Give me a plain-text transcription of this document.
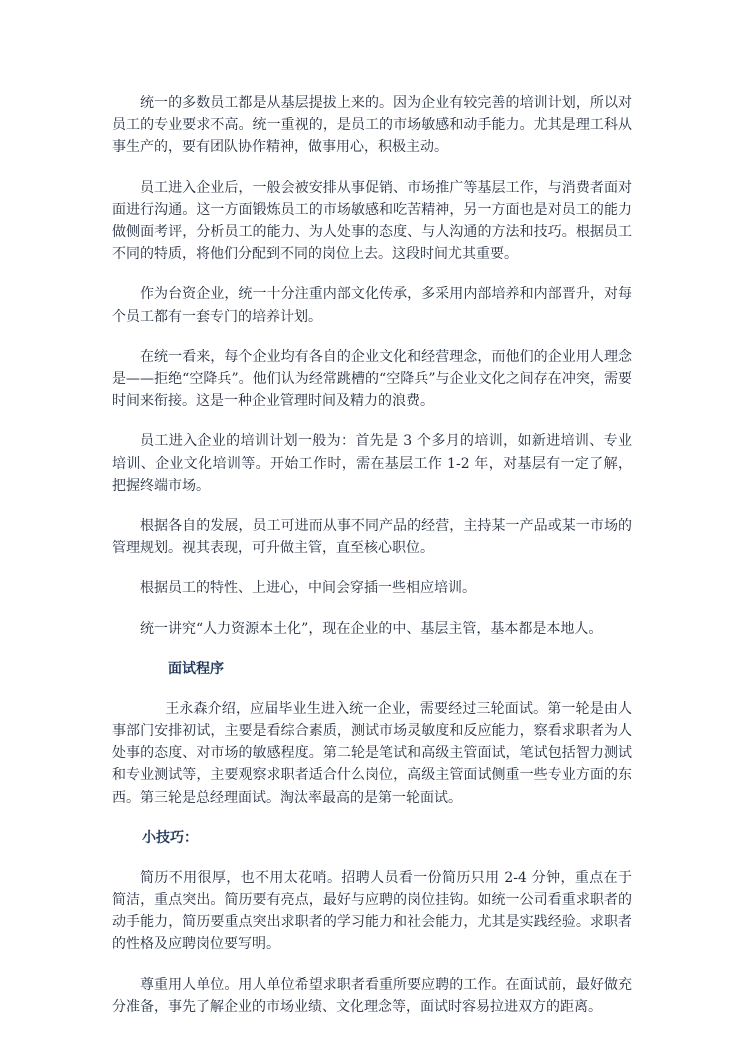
统一的多数员工都是从基层提拔上来的。因为企业有较完善的培训计划，所以对员工的专业要求不高。统一重视的，是员工的市场敏感和动手能力。尤其是理工科从事生产的，要有团队协作精神，做事用心，积极主动。

员工进入企业后，一般会被安排从事促销、市场推广等基层工作，与消费者面对面进行沟通。这一方面锻炼员工的市场敏感和吃苦精神，另一方面也是对员工的能力做侧面考评，分析员工的能力、为人处事的态度、与人沟通的方法和技巧。根据员工不同的特质，将他们分配到不同的岗位上去。这段时间尤其重要。

作为台资企业，统一十分注重内部文化传承，多采用内部培养和内部晋升，对每个员工都有一套专门的培养计划。

在统一看来，每个企业均有各自的企业文化和经营理念，而他们的企业用人理念是——拒绝“空降兵”。他们认为经常跳槽的“空降兵”与企业文化之间存在冲突，需要时间来衔接。这是一种企业管理时间及精力的浪费。

员工进入企业的培训计划一般为：首先是 3 个多月的培训，如新进培训、专业培训、企业文化培训等。开始工作时，需在基层工作 1-2 年，对基层有一定了解，把握终端市场。

根据各自的发展，员工可进而从事不同产品的经营，主持某一产品或某一市场的管理规划。视其表现，可升做主管，直至核心职位。

根据员工的特性、上进心，中间会穿插一些相应培训。

统一讲究“人力资源本土化”，现在企业的中、基层主管，基本都是本地人。

面试程序

王永森介绍，应届毕业生进入统一企业，需要经过三轮面试。第一轮是由人事部门安排初试，主要是看综合素质，测试市场灵敏度和反应能力，察看求职者为人处事的态度、对市场的敏感程度。第二轮是笔试和高级主管面试，笔试包括智力测试和专业测试等，主要观察求职者适合什么岗位，高级主管面试侧重一些专业方面的东西。第三轮是总经理面试。淘汰率最高的是第一轮面试。

小技巧：

简历不用很厚，也不用太花哨。招聘人员看一份简历只用 2-4 分钟，重点在于简洁，重点突出。简历要有亮点，最好与应聘的岗位挂钩。如统一公司看重求职者的动手能力，简历要重点突出求职者的学习能力和社会能力，尤其是实践经验。求职者的性格及应聘岗位要写明。

尊重用人单位。用人单位希望求职者看重所要应聘的工作。在面试前，最好做充分准备，事先了解企业的市场业绩、文化理念等，面试时容易拉进双方的距离。
